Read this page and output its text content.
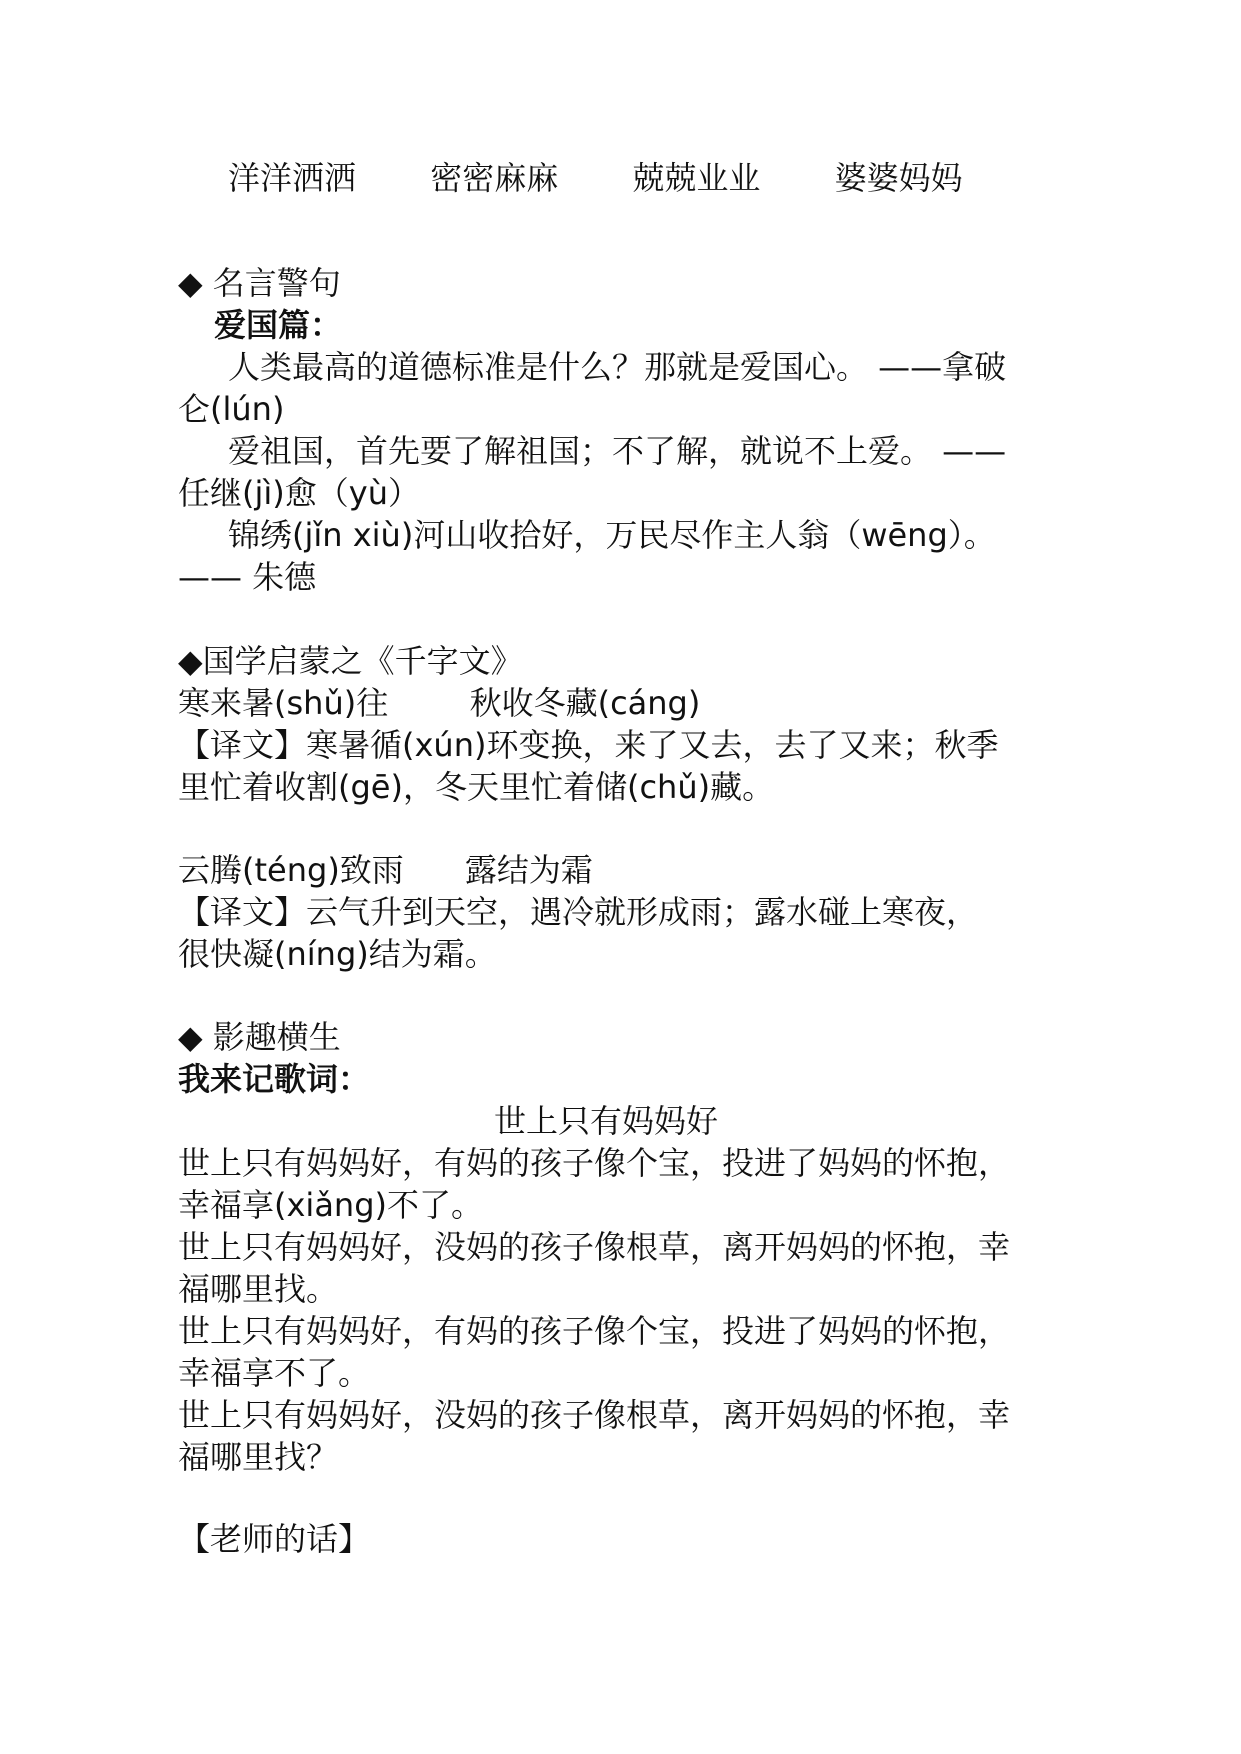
洋洋洒洒 密密麻麻 兢兢业业 婆婆妈妈
◆ 名言警句
爱国篇：
人类最高的道德标准是什么？那就是爱国心。 ——拿破
仑(lún)
爱祖国，首先要了解祖国；不了解，就说不上爱。 ——
任继(jì)愈（yù）
锦绣(jǐn xiù)河山收拾好，万民尽作主人翁（wēng）。
—— 朱德
◆国学启蒙之《千字文》
寒来暑(shǔ)往        秋收冬藏(cáng)
【译文】寒暑循(xún)环变换，来了又去，去了又来；秋季
里忙着收割(gē)，冬天里忙着储(chǔ)藏。
云腾(téng)致雨      露结为霜
【译文】云气升到天空，遇冷就形成雨；露水碰上寒夜，
很快凝(níng)结为霜。
◆ 影趣横生
我来记歌词：
世上只有妈妈好
世上只有妈妈好，有妈的孩子像个宝，投进了妈妈的怀抱，
幸福享(xiǎng)不了。
世上只有妈妈好，没妈的孩子像根草，离开妈妈的怀抱，幸
福哪里找。
世上只有妈妈好，有妈的孩子像个宝，投进了妈妈的怀抱，
幸福享不了。
世上只有妈妈好，没妈的孩子像根草，离开妈妈的怀抱，幸
福哪里找？
【老师的话】
